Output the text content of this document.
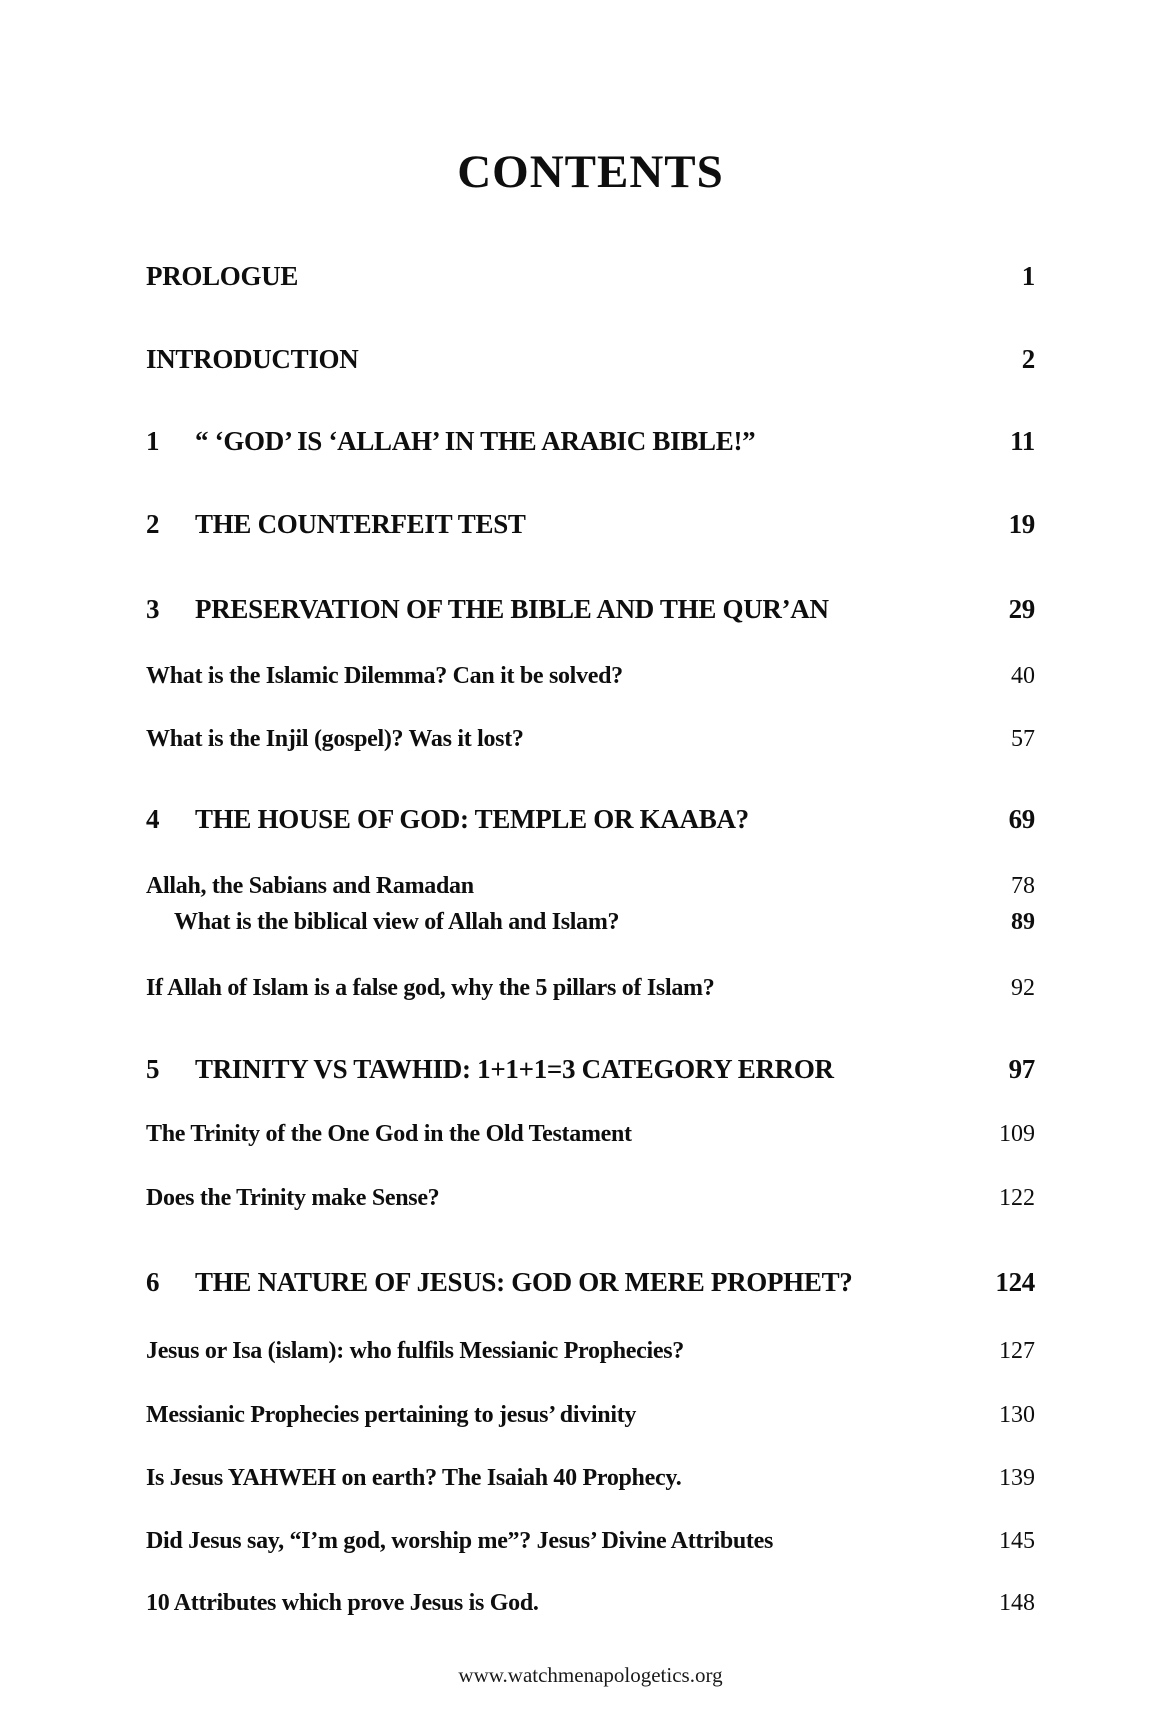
CONTENTS
PROLOGUE	1
INTRODUCTION	2
1	“ ‘GOD’ IS ‘ALLAH’ IN THE ARABIC BIBLE!”	11
2	THE COUNTERFEIT TEST	19
3	PRESERVATION OF THE BIBLE AND THE QUR’AN	29
What is the Islamic Dilemma? Can it be solved?	40
What is the Injil (gospel)? Was it lost?	57
4	THE HOUSE OF GOD: TEMPLE OR KAABA?	69
Allah, the Sabians and Ramadan	78
What is the biblical view of Allah and Islam?	89
If Allah of Islam is a false god, why the 5 pillars of Islam?	92
5	TRINITY VS TAWHID: 1+1+1=3 CATEGORY ERROR	97
The Trinity of the One God in the Old Testament	109
Does the Trinity make Sense?	122
6	THE NATURE OF JESUS: GOD OR MERE PROPHET?	124
Jesus or Isa (islam): who fulfils Messianic Prophecies?	127
Messianic Prophecies pertaining to jesus’ divinity	130
Is Jesus YAHWEH on earth? The Isaiah 40 Prophecy.	139
Did Jesus say, “I’m god, worship me”? Jesus’ Divine Attributes	145
10 Attributes which prove Jesus is God.	148
www.watchmenapologetics.org
